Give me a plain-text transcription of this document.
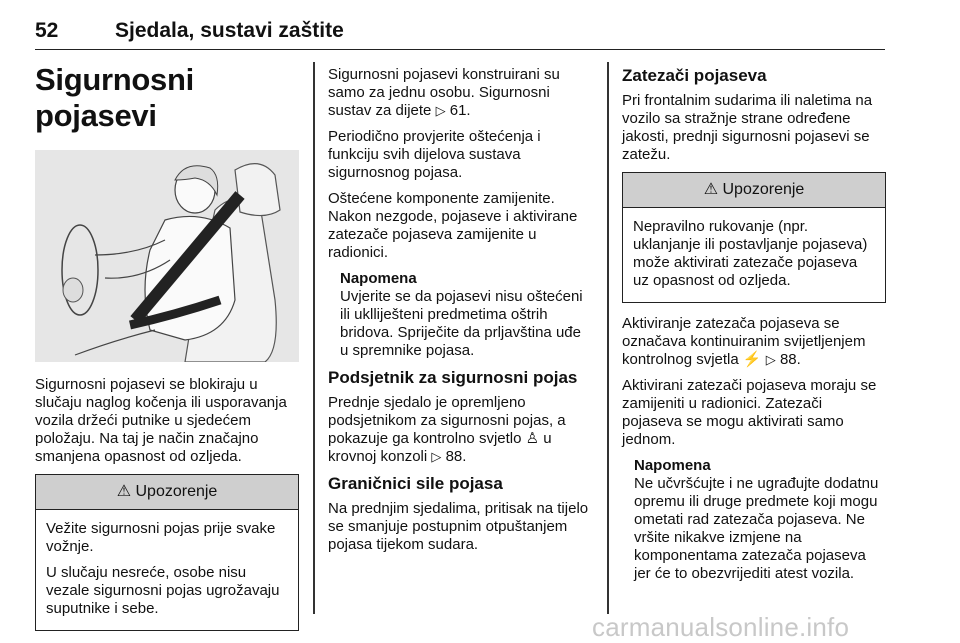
52	Sjedala, sustavi zaštite
Sigurnosni pojasevi

Sigurnosni pojasevi se blokiraju u slučaju naglog kočenja ili usporavanja vozila držeći putnike u sjedećem položaju. Na taj je način značajno smanjena opasnost od ozljeda.

⚠ Upozorenje

Vežite sigurnosni pojas prije svake vožnje.

U slučaju nesreće, osobe nisu vezale sigurnosni pojas ugrožavaju suputnike i sebe.

Sigurnosni pojasevi konstruirani su samo za jednu osobu. Sigurnosni sustav za dijete ▷ 61.

Periodično provjerite oštećenja i funkciju svih dijelova sustava sigurnosnog pojasa.

Oštećene komponente zamijenite. Nakon nezgode, pojaseve i aktivirane zatezače pojaseva zamijenite u radionici.

Napomena

Uvjerite se da pojasevi nisu oštećeni ili uklliješteni predmetima oštrih bridova. Spriječite da prljavština uđe u spremnike pojasa.

Podsjetnik za sigurnosni pojas

Prednje sjedalo je opremljeno podsjetnikom za sigurnosni pojas, a pokazuje ga kontrolno svjetlo ♙ u krovnoj konzoli ▷ 88.

Graničnici sile pojasa

Na prednjim sjedalima, pritisak na tijelo se smanjuje postupnim otpuštanjem pojasa tijekom sudara.

Zatezači pojaseva

Pri frontalnim sudarima ili naletima na vozilo sa stražnje strane određene jakosti, prednji sigurnosni pojasevi se zatežu.

⚠ Upozorenje

Nepravilno rukovanje (npr. uklanjanje ili postavljanje pojaseva) može aktivirati zatezače pojaseva uz opasnost od ozljeda.

Aktiviranje zatezača pojaseva se označava kontinuiranim svijetljenjem kontrolnog svjetla ⚡ ▷ 88.

Aktivirani zatezači pojaseva moraju se zamijeniti u radionici. Zatezači pojaseva se mogu aktivirati samo jednom.

Napomena

Ne učvršćujte i ne ugrađujte dodatnu opremu ili druge predmete koji mogu ometati rad zatezača pojaseva. Ne vršite nikakve izmjene na komponentama zatezača pojaseva jer će to obezvrijediti atest vozila.

carmanualsonline.info
